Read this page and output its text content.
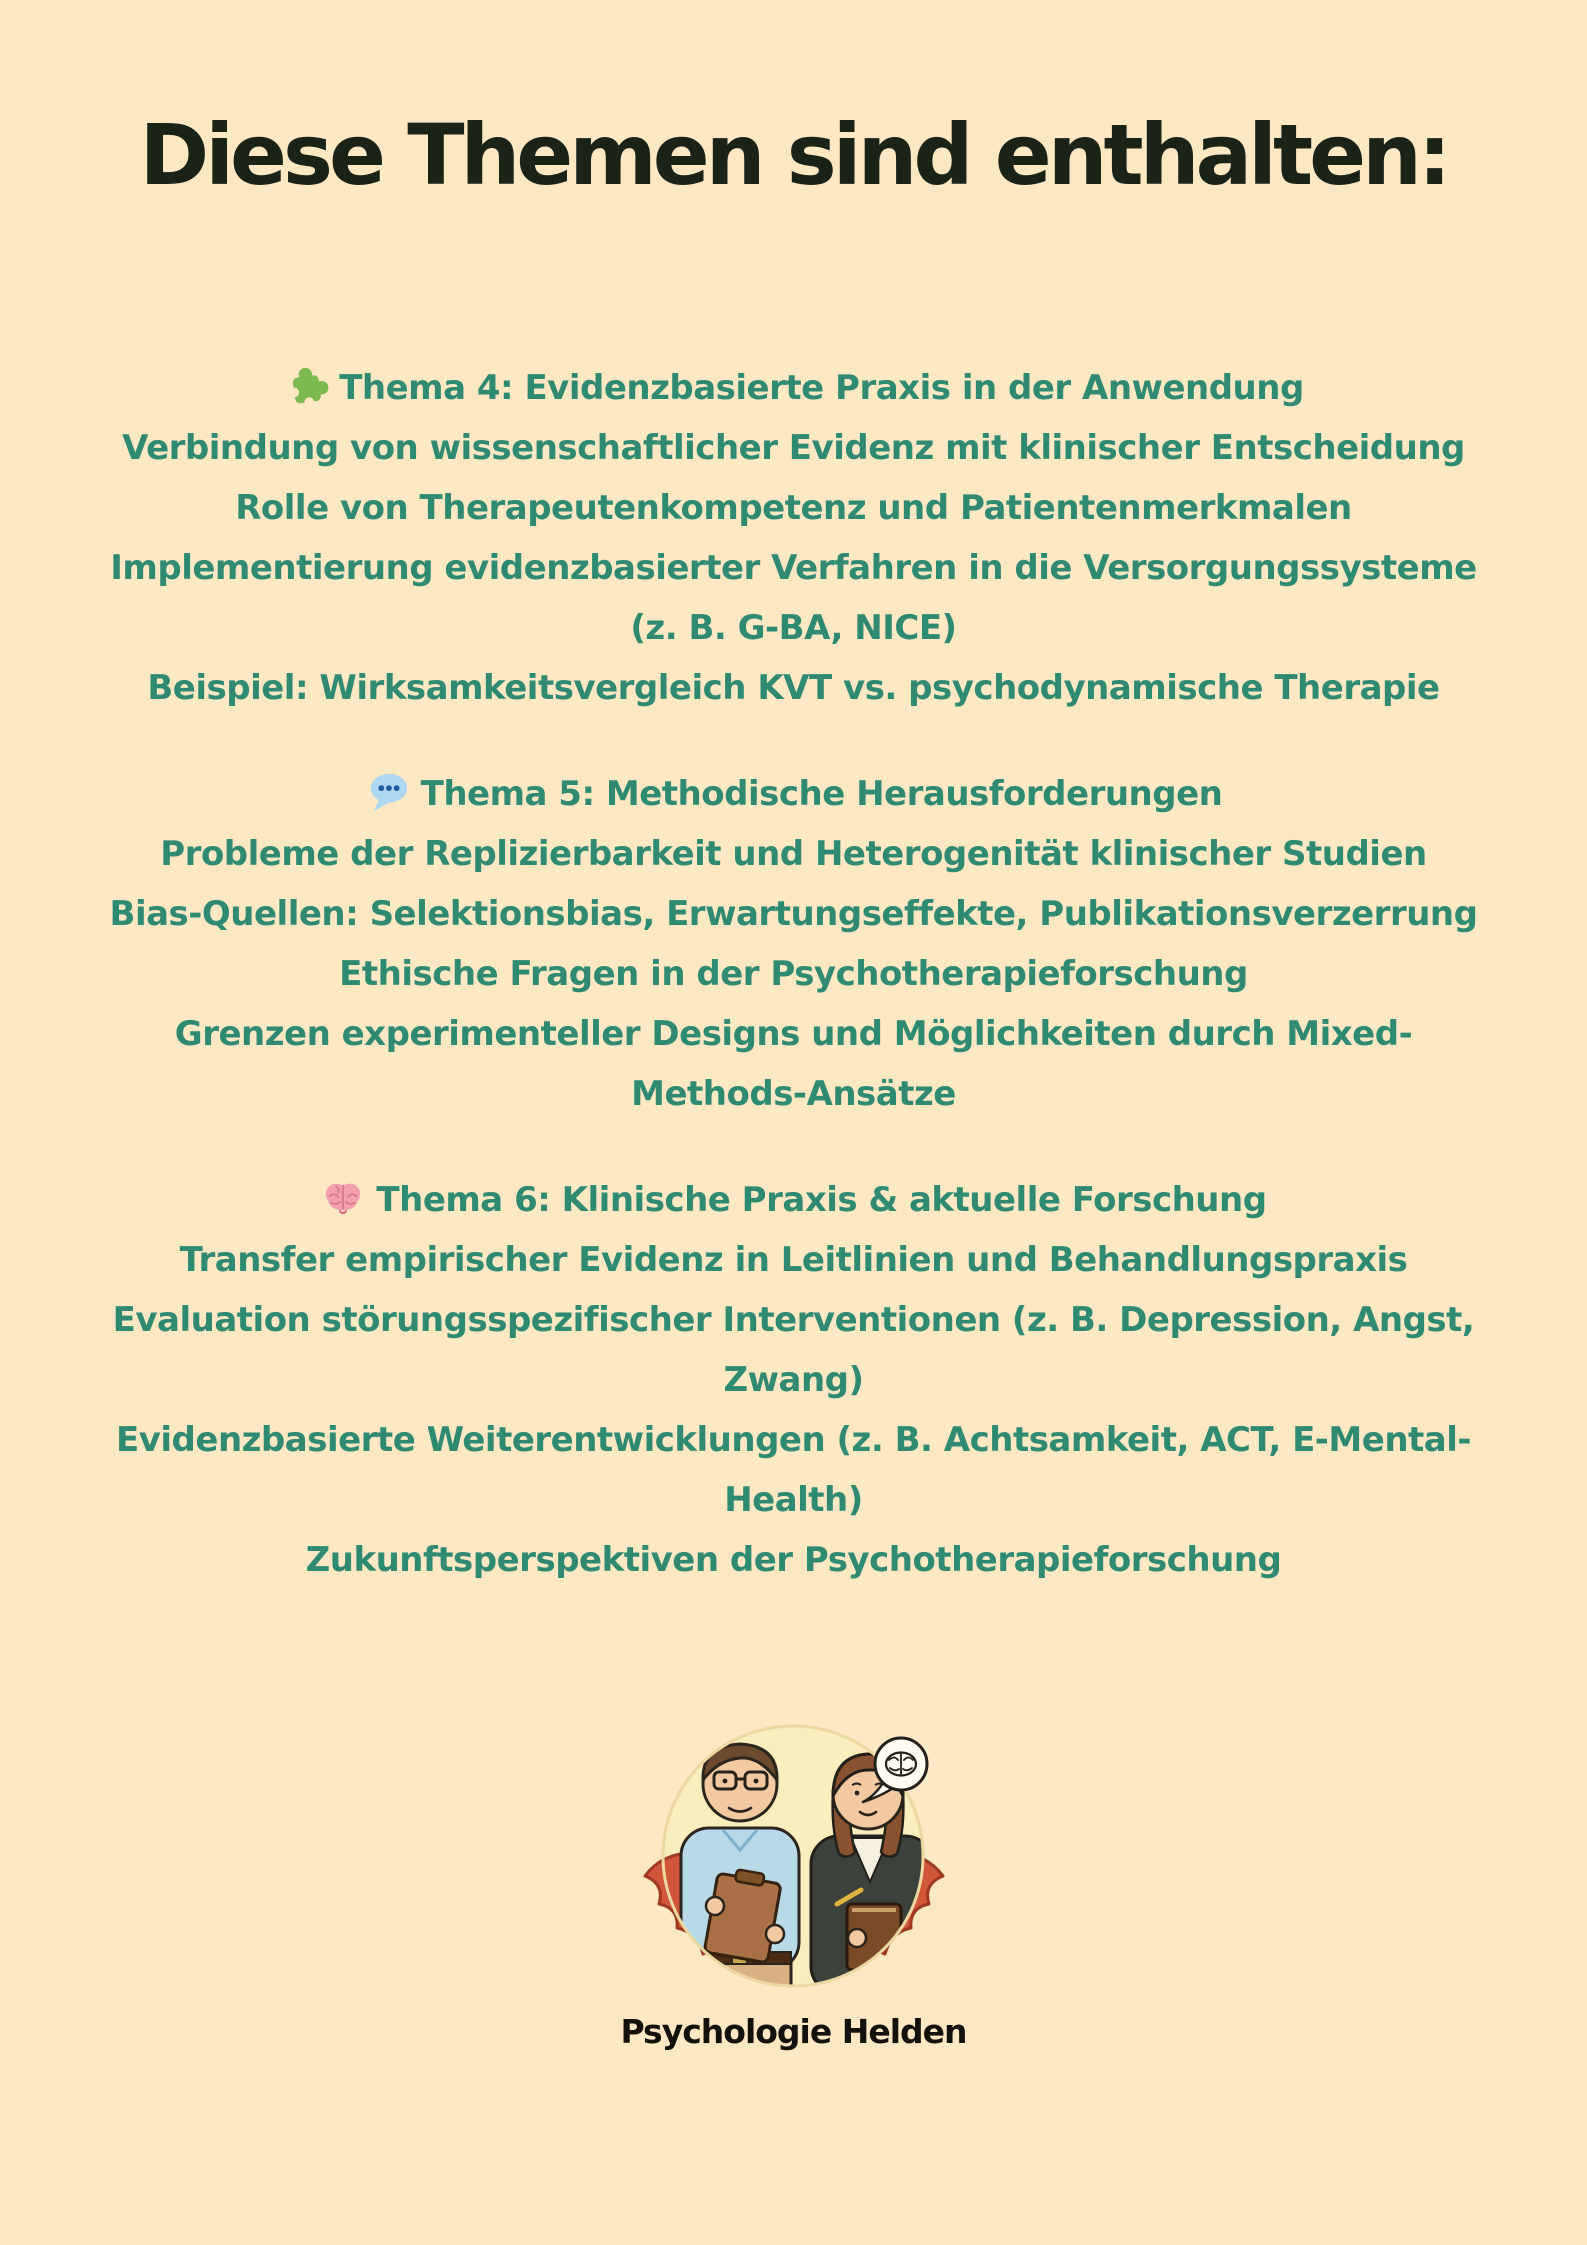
Diese Themen sind enthalten:
Thema 4: Evidenzbasierte Praxis in der Anwendung
Verbindung von wissenschaftlicher Evidenz mit klinischer Entscheidung
Rolle von Therapeutenkompetenz und Patientenmerkmalen
Implementierung evidenzbasierter Verfahren in die Versorgungssysteme (z. B. G-BA, NICE)
Beispiel: Wirksamkeitsvergleich KVT vs. psychodynamische Therapie
Thema 5: Methodische Herausforderungen
Probleme der Replizierbarkeit und Heterogenität klinischer Studien
Bias-Quellen: Selektionsbias, Erwartungseffekte, Publikationsverzerrung
Ethische Fragen in der Psychotherapieforschung
Grenzen experimenteller Designs und Möglichkeiten durch Mixed-Methods-⁠Ansätze
Thema 6: Klinische Praxis & aktuelle Forschung
Transfer empirischer Evidenz in Leitlinien und Behandlungspraxis
Evaluation störungsspezifischer Interventionen (z. B. Depression, Angst, Zwang)
Evidenzbasierte Weiterentwicklungen (z. B. Achtsamkeit, ACT, E-Mental-Health)
Zukunftsperspektiven der Psychotherapieforschung
Psychologie Helden
